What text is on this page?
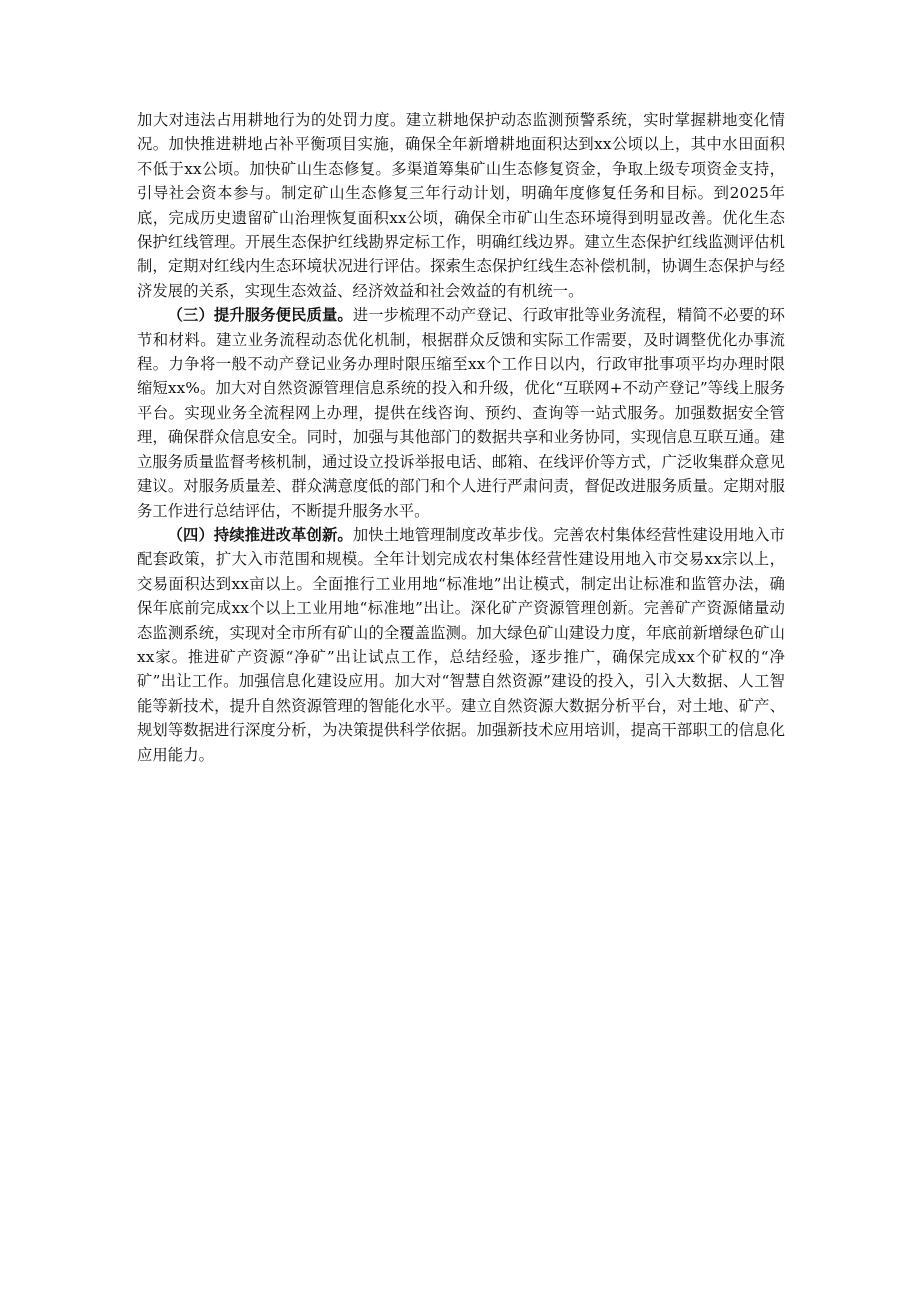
加大对违法占用耕地行为的处罚力度。建立耕地保护动态监测预警系统，实时掌握耕地变化情况。加快推进耕地占补平衡项目实施，确保全年新增耕地面积达到xx公顷以上，其中水田面积不低于xx公顷。加快矿山生态修复。多渠道筹集矿山生态修复资金，争取上级专项资金支持，引导社会资本参与。制定矿山生态修复三年行动计划，明确年度修复任务和目标。到2025年底，完成历史遗留矿山治理恢复面积xx公顷，确保全市矿山生态环境得到明显改善。优化生态保护红线管理。开展生态保护红线勘界定标工作，明确红线边界。建立生态保护红线监测评估机制，定期对红线内生态环境状况进行评估。探索生态保护红线生态补偿机制，协调生态保护与经济发展的关系，实现生态效益、经济效益和社会效益的有机统一。

（三）提升服务便民质量。进一步梳理不动产登记、行政审批等业务流程，精简不必要的环节和材料。建立业务流程动态优化机制，根据群众反馈和实际工作需要，及时调整优化办事流程。力争将一般不动产登记业务办理时限压缩至xx个工作日以内，行政审批事项平均办理时限缩短xx%。加大对自然资源管理信息系统的投入和升级，优化“互联网+不动产登记”等线上服务平台。实现业务全流程网上办理，提供在线咨询、预约、查询等一站式服务。加强数据安全管理，确保群众信息安全。同时，加强与其他部门的数据共享和业务协同，实现信息互联互通。建立服务质量监督考核机制，通过设立投诉举报电话、邮箱、在线评价等方式，广泛收集群众意见建议。对服务质量差、群众满意度低的部门和个人进行严肃问责，督促改进服务质量。定期对服务工作进行总结评估，不断提升服务水平。

（四）持续推进改革创新。加快土地管理制度改革步伐。完善农村集体经营性建设用地入市配套政策，扩大入市范围和规模。全年计划完成农村集体经营性建设用地入市交易xx宗以上，交易面积达到xx亩以上。全面推行工业用地“标准地”出让模式，制定出让标准和监管办法，确保年底前完成xx个以上工业用地“标准地”出让。深化矿产资源管理创新。完善矿产资源储量动态监测系统，实现对全市所有矿山的全覆盖监测。加大绿色矿山建设力度，年底前新增绿色矿山xx家。推进矿产资源“净矿”出让试点工作，总结经验，逐步推广，确保完成xx个矿权的“净矿”出让工作。加强信息化建设应用。加大对“智慧自然资源”建设的投入，引入大数据、人工智能等新技术，提升自然资源管理的智能化水平。建立自然资源大数据分析平台，对土地、矿产、规划等数据进行深度分析，为决策提供科学依据。加强新技术应用培训，提高干部职工的信息化应用能力。
